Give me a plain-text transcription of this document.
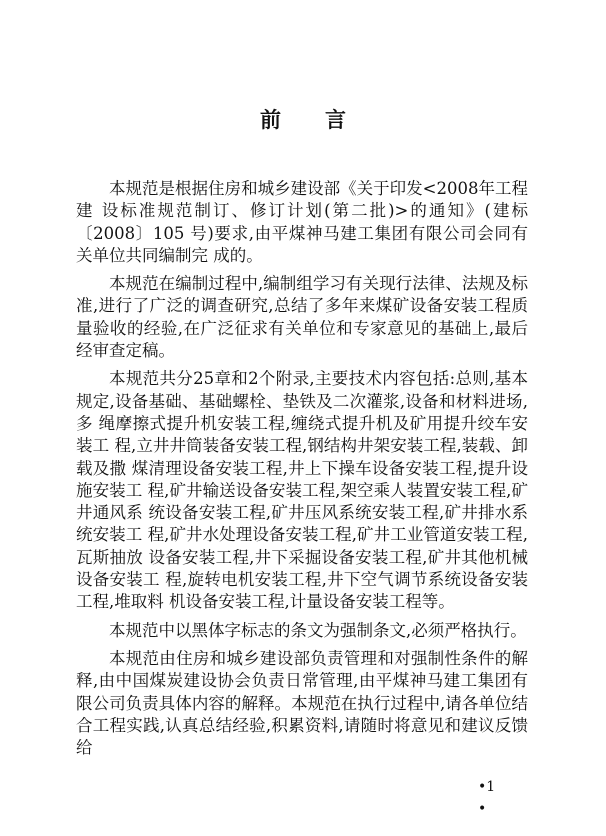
前 言

本规范是根据住房和城乡建设部《关于印发<2008年工程建 设标准规范制订、修订计划(第二批)>的通知》(建标〔2008〕105 号)要求,由平煤神马建工集团有限公司会同有关单位共同编制完 成的。

本规范在编制过程中,编制组学习有关现行法律、法规及标准,进行了广泛的调查研究,总结了多年来煤矿设备安装工程质量验收的经验,在广泛征求有关单位和专家意见的基础上,最后经审查定稿。

本规范共分25章和2个附录,主要技术内容包括:总则,基本 规定,设备基础、基础螺栓、垫铁及二次灌浆,设备和材料进场,多 绳摩擦式提升机安装工程,缠绕式提升机及矿用提升绞车安装工 程,立井井筒装备安装工程,钢结构井架安装工程,装载、卸载及撒 煤清理设备安装工程,井上下操车设备安装工程,提升设施安装工 程,矿井输送设备安装工程,架空乘人装置安装工程,矿井通风系 统设备安装工程,矿井压风系统安装工程,矿井排水系统安装工 程,矿井水处理设备安装工程,矿井工业管道安装工程,瓦斯抽放 设备安装工程,井下采掘设备安装工程,矿井其他机械设备安装工 程,旋转电机安装工程,井下空气调节系统设备安装工程,堆取料 机设备安装工程,计量设备安装工程等。

本规范中以黑体字标志的条文为强制条文,必须严格执行。

本规范由住房和城乡建设部负责管理和对强制性条件的解释,由中国煤炭建设协会负责日常管理,由平煤神马建工集团有限公司负责具体内容的解释。本规范在执行过程中,请各单位结合工程实践,认真总结经验,积累资料,请随时将意见和建议反馈给

•1
•
